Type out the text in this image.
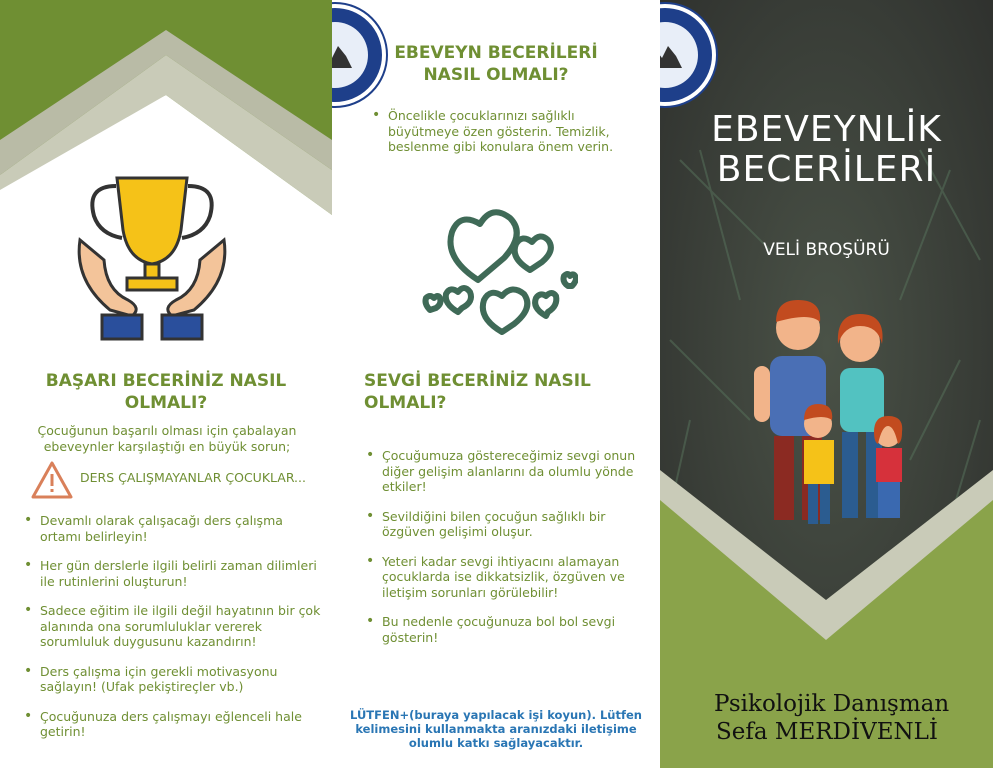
BAŞARI BECERİNİZ NASIL OLMALI?
Çocuğunun başarılı olması için çabalayan ebeveynler karşılaştığı en büyük sorun;
DERS ÇALIŞMAYANLAR ÇOCUKLAR...
• Devamlı olarak çalışacağı ders çalışma ortamı belirleyin!
• Her gün derslerle ilgili belirli zaman dilimleri ile rutinlerini oluşturun!
• Sadece eğitim ile ilgili değil hayatının bir çok alanında ona sorumluluklar vererek sorumluluk duygusunu kazandırın!
• Ders çalışma için gerekli motivasyonu sağlayın! (Ufak pekiştireçler vb.)
• Çocuğunuza ders çalışmayı eğlenceli hale getirin!
EBEVEYN BECERİLERİ NASIL OLMALI?
• Öncelikle çocuklarınızı sağlıklı büyütmeye özen gösterin. Temizlik, beslenme gibi konulara önem verin.
SEVGİ BECERİNİZ NASIL OLMALI?
• Çocuğumuza göstereceğimiz sevgi onun diğer gelişim alanlarını da olumlu yönde etkiler!
• Sevildiğini bilen çocuğun sağlıklı bir özgüven gelişimi oluşur.
• Yeteri kadar sevgi ihtiyacını alamayan çocuklarda ise dikkatsizlik, özgüven ve iletişim sorunları görülebilir!
• Bu nedenle çocuğunuza bol bol sevgi gösterin!
LÜTFEN+(buraya yapılacak işi koyun). Lütfen kelimesini kullanmakta aranızdaki iletişime olumlu katkı sağlayacaktır.
EBEVEYNLİK
BECERİLERİ
VELİ BROŞÜRÜ
Psikolojik Danışman
Sefa MERDİVENLİ
